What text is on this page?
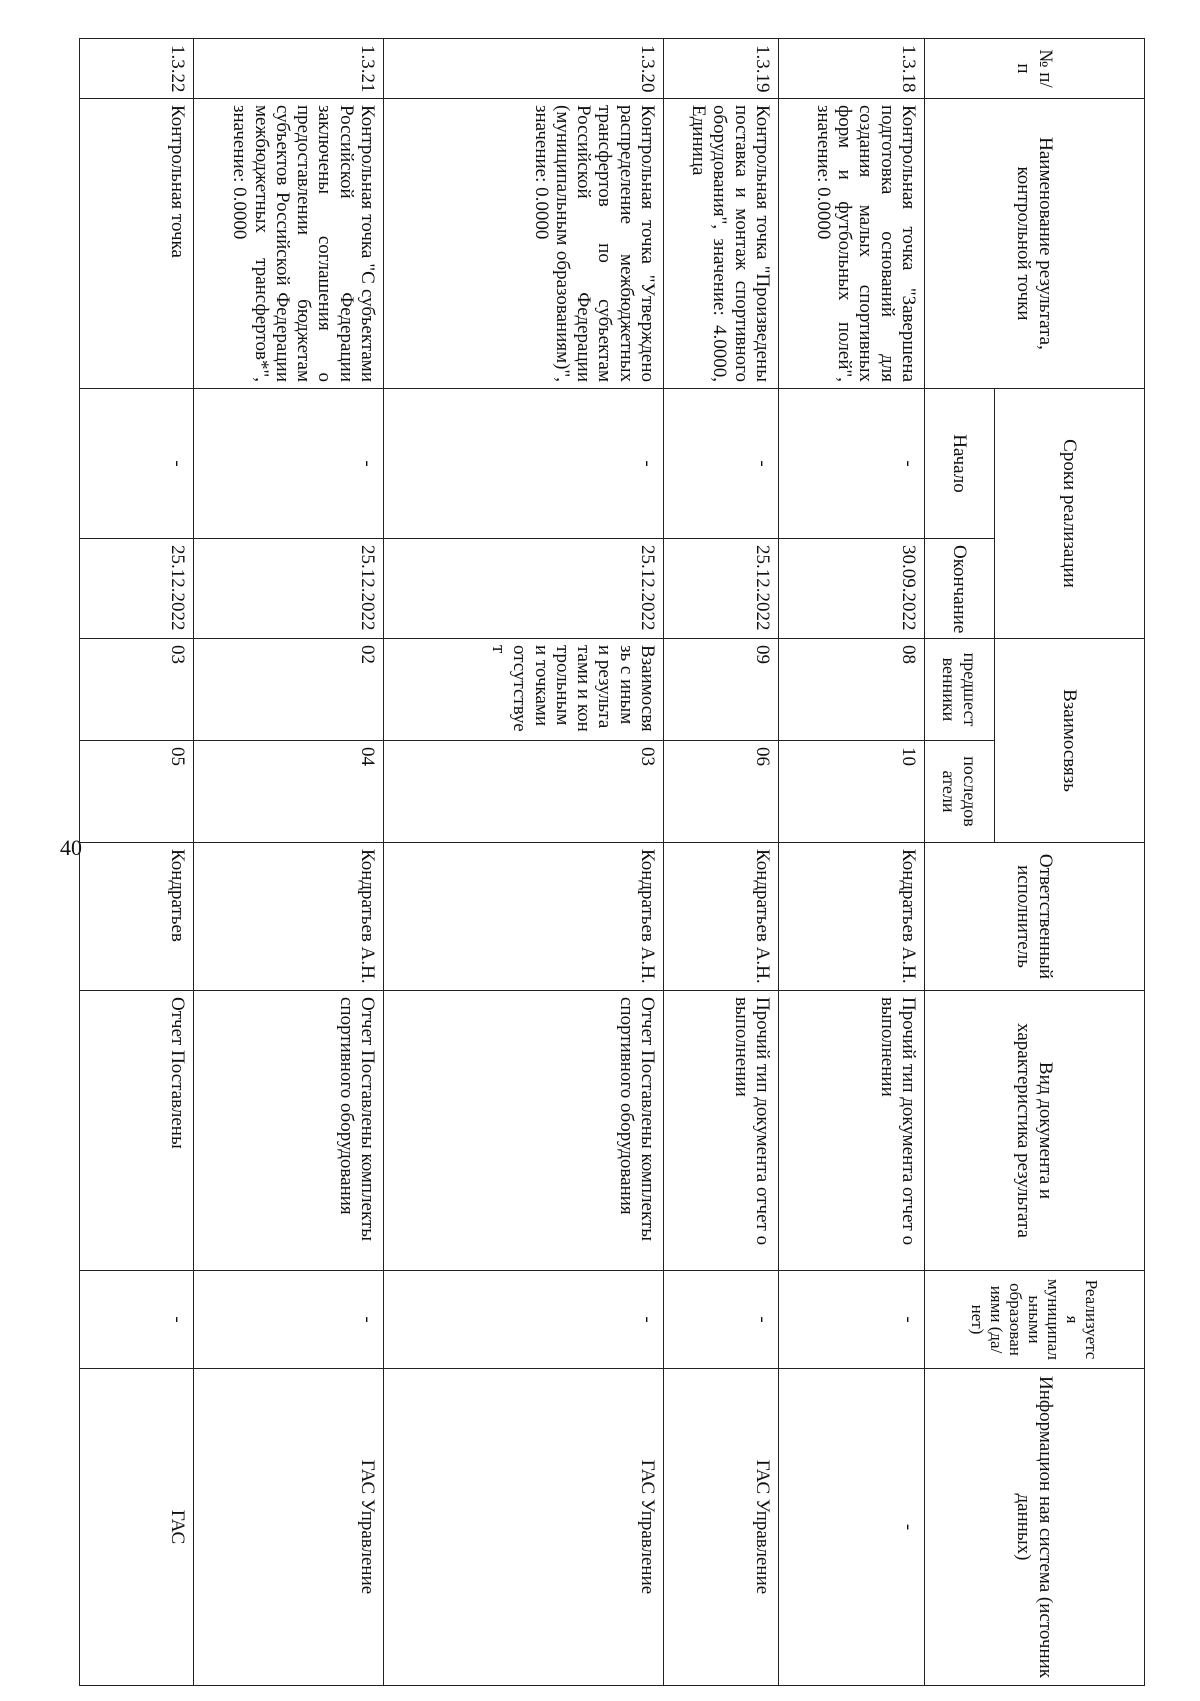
40
№ п/п	Наименование результата, контрольной точки	Сроки реализации		Взаимосвязь		Ответственный исполнитель	Вид документа и характеристика результата	Реализуетс я муниципал ьными образован иями (да/нет)	Информацион ная система (источник данных)
		Начало	Окончание	предшест венники	последов атели				
1.3.18	Контрольная точка "Завершена подготовка оснований для создания малых спортивных форм и футбольных полей", значение: 0.0000	-	30.09.2022	08	10	Кондратьев А.Н.	Прочий тип документа отчет о выполнении	-	-
1.3.19	Контрольная точка "Произведены поставка и монтаж спортивного оборудования", значение: 4.0000, Единица	-	25.12.2022	09	06	Кондратьев А.Н.	Прочий тип документа отчет о выполнении	-	ГАС Управление
1.3.20	Контрольная точка "Утверждено распределение межбюджетных трансфертов по субъектам Российской Федерации (муниципальным образованиям)", значение: 0.0000	-	25.12.2022	Взаимосвязь с иными результатами и контрольными точками отсутствует	03	Кондратьев А.Н.	Отчет Поставлены комплекты спортивного оборудования	-	ГАС Управление
1.3.21	Контрольная точка "С субъектами Российской Федерации заключены соглашения о предоставлении бюджетам субъектов Российской Федерации межбюджетных трансфертов*", значение: 0.0000	-	25.12.2022	02	04	Кондратьев А.Н.	Отчет Поставлены комплекты спортивного оборудования	-	ГАС Управление
1.3.22	Контрольная точка	-	25.12.2022	03	05	Кондратьев	Отчет Поставлены	-	ГАС
